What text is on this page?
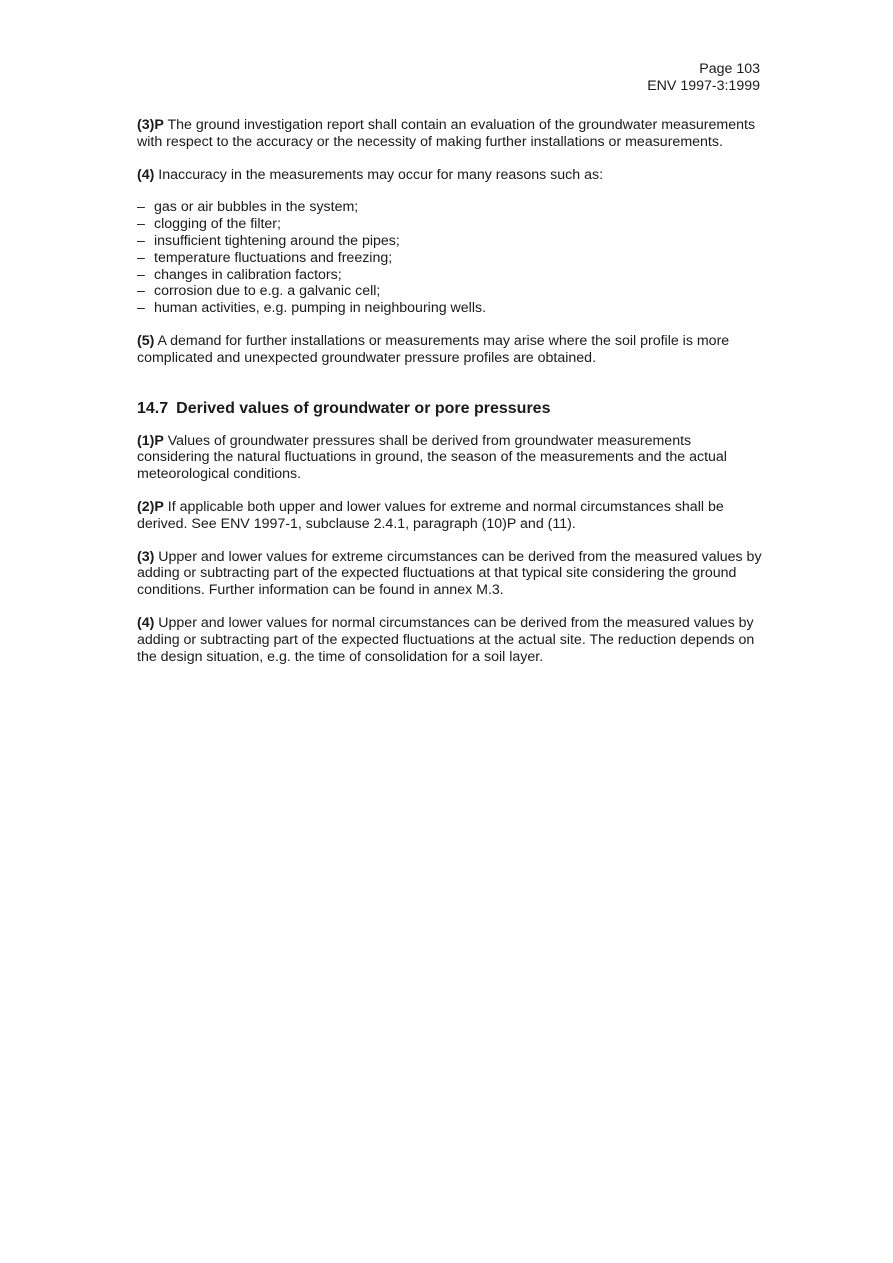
Page 103
ENV 1997-3:1999

(3)P The ground investigation report shall contain an evaluation of the groundwater measurements with respect to the accuracy or the necessity of making further installations or measurements.

(4) Inaccuracy in the measurements may occur for many reasons such as:

– gas or air bubbles in the system;
– clogging of the filter;
– insufficient tightening around the pipes;
– temperature fluctuations and freezing;
– changes in calibration factors;
– corrosion due to e.g. a galvanic cell;
– human activities, e.g. pumping in neighbouring wells.

(5) A demand for further installations or measurements may arise where the soil profile is more complicated and unexpected groundwater pressure profiles are obtained.

14.7 Derived values of groundwater or pore pressures

(1)P Values of groundwater pressures shall be derived from groundwater measurements considering the natural fluctuations in ground, the season of the measurements and the actual meteorological conditions.

(2)P If applicable both upper and lower values for extreme and normal circumstances shall be derived. See ENV 1997-1, subclause 2.4.1, paragraph (10)P and (11).

(3) Upper and lower values for extreme circumstances can be derived from the measured values by adding or subtracting part of the expected fluctuations at that typical site considering the ground conditions. Further information can be found in annex M.3.

(4) Upper and lower values for normal circumstances can be derived from the measured values by adding or subtracting part of the expected fluctuations at the actual site. The reduction depends on the design situation, e.g. the time of consolidation for a soil layer.
